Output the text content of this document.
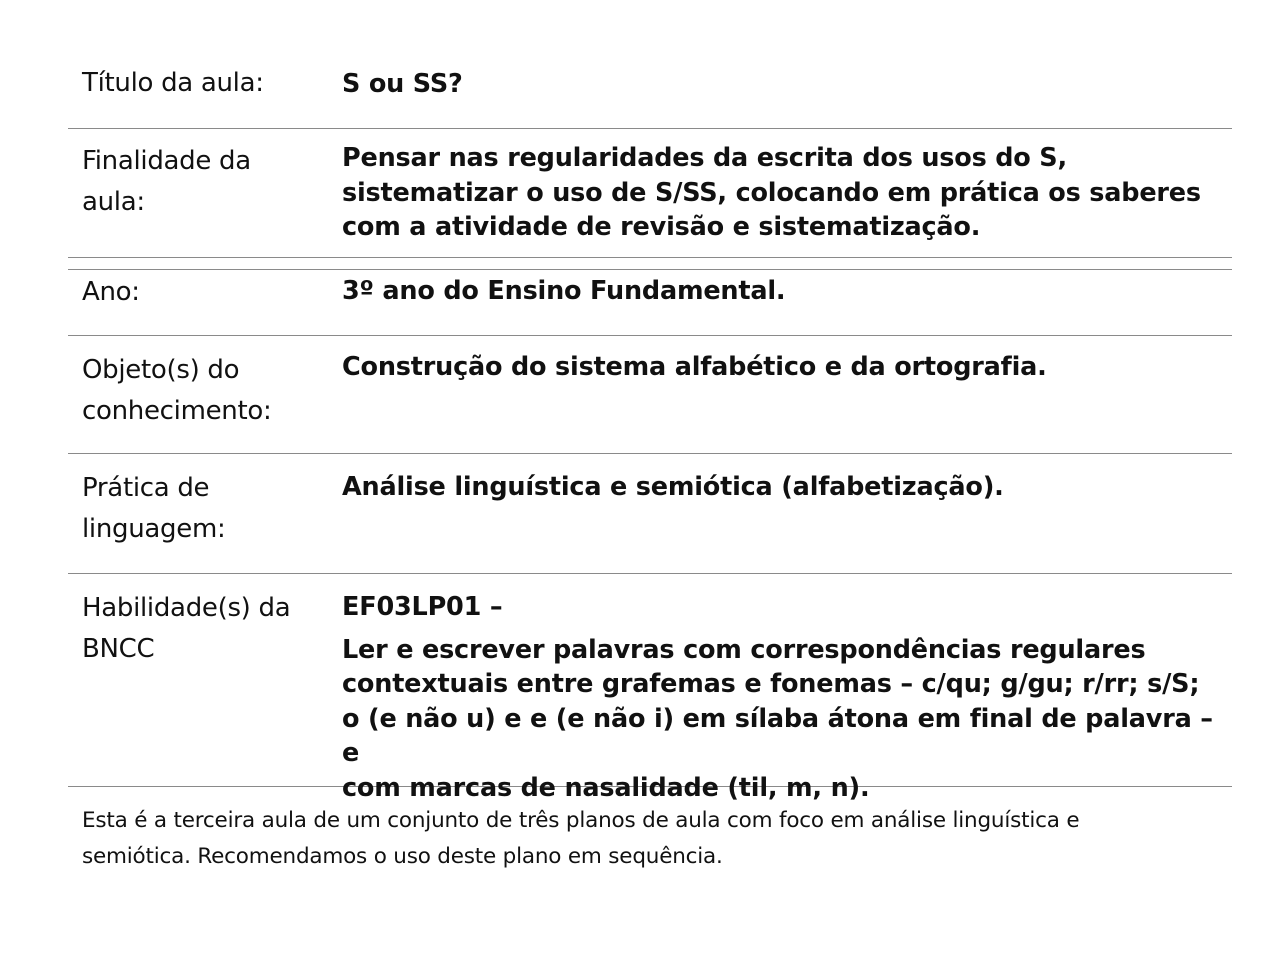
Título da aula:	S ou SS?

Finalidade da
aula:

Pensar nas regularidades da escrita dos usos do S,

sistematizar o uso de S/SS, colocando em prática os saberes

com a atividade de revisão e sistematização.

Ano:	3º ano do Ensino Fundamental.

Objeto(s) do
conhecimento:

Construção do sistema alfabético e da ortografia.

Prática de
linguagem:

Análise linguística e semiótica (alfabetização).

Habilidade(s) da
BNCC

EF03LP01 –

Ler e escrever palavras com correspondências regulares

contextuais entre grafemas e fonemas – c/qu; g/gu; r/rr; s/S;

o (e não u) e e (e não i) em sílaba átona em final de palavra – e

com marcas de nasalidade (til, m, n).

Esta é a terceira aula de um conjunto de três planos de aula com foco em análise linguística e
semiótica. Recomendamos o uso deste plano em sequência.
